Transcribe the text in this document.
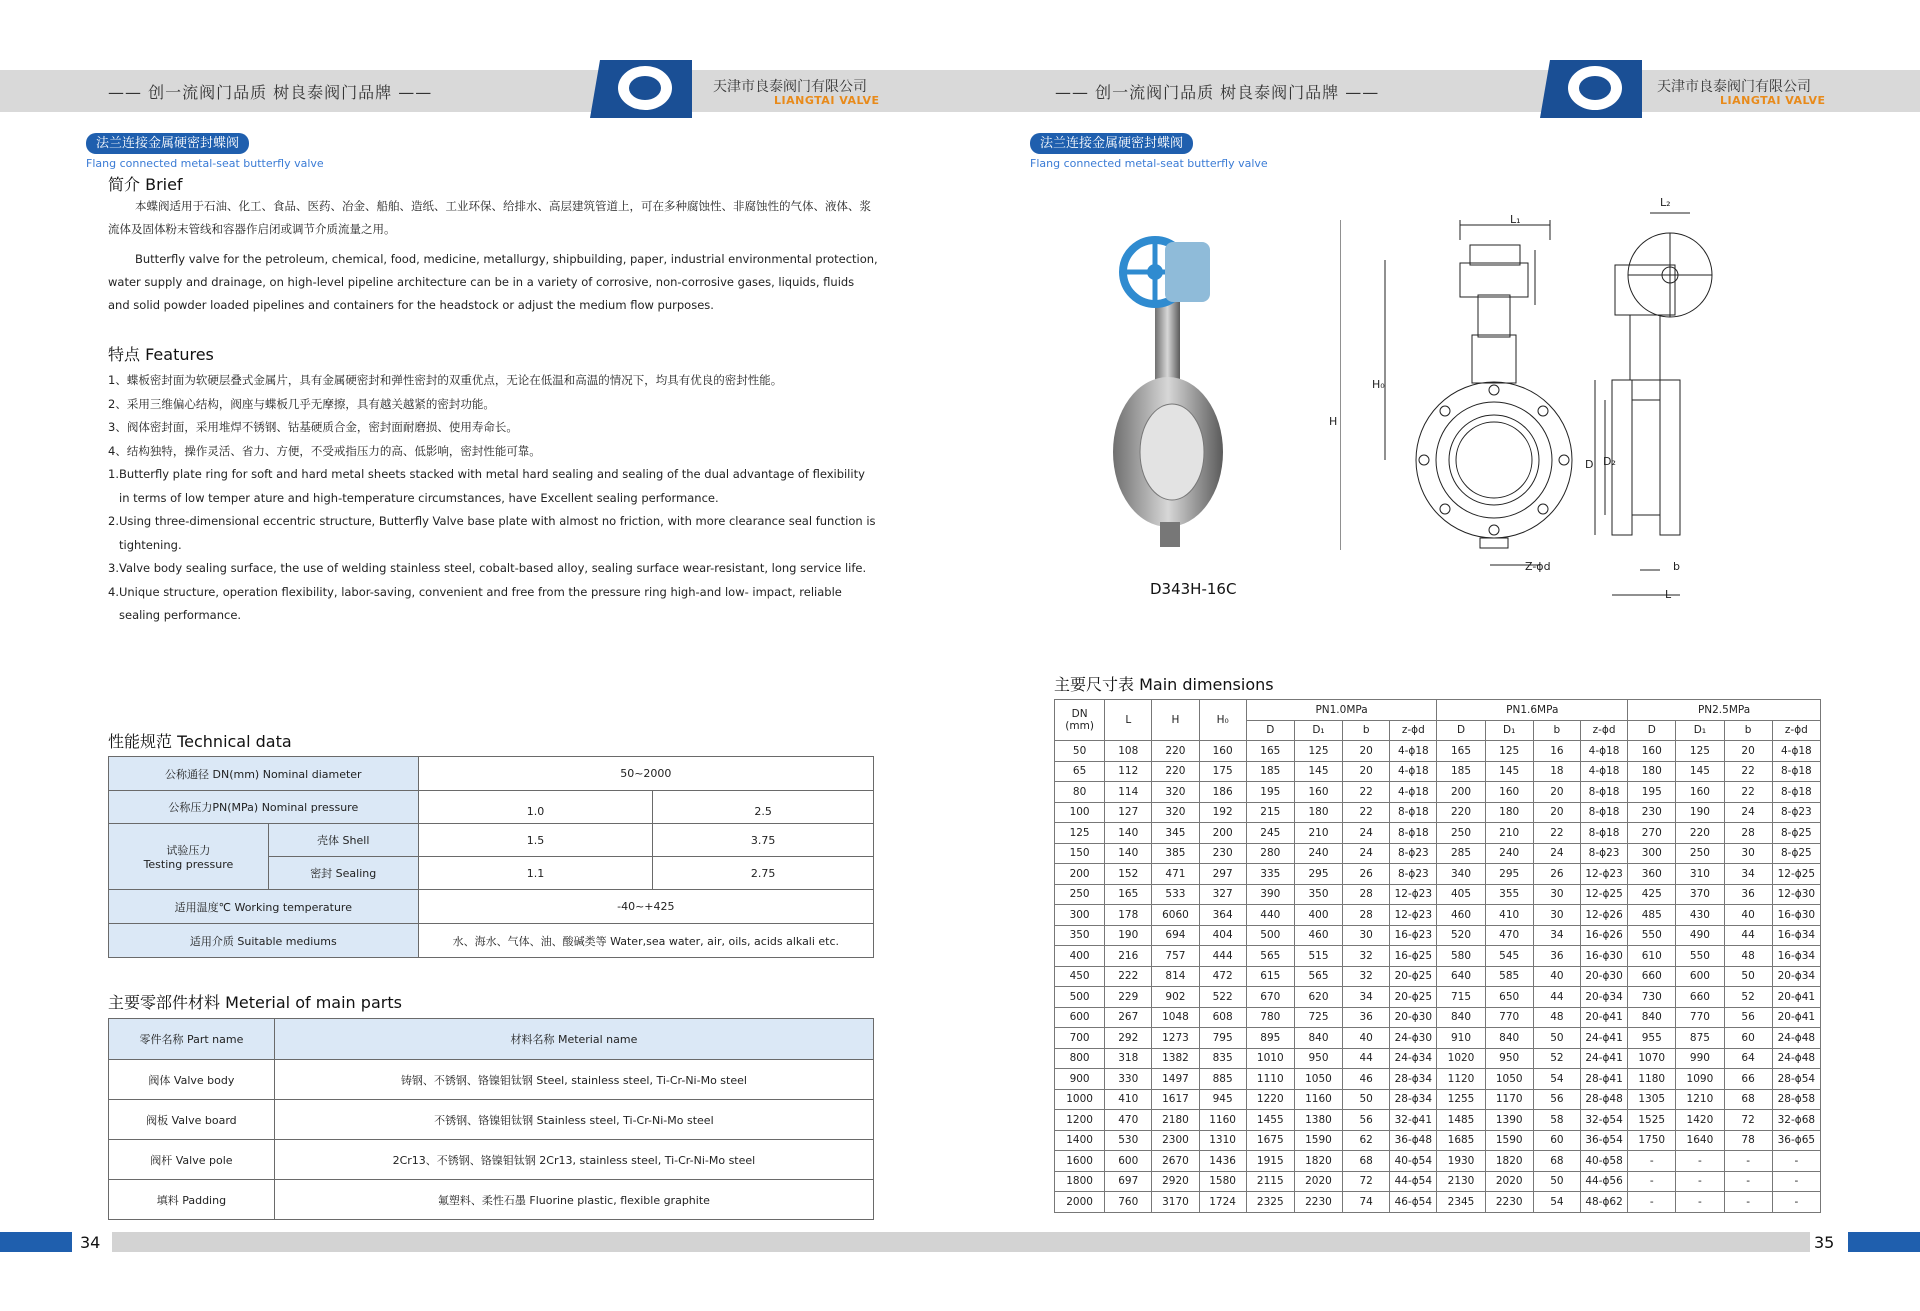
—— 创一流阀门品质 树良泰阀门品牌 ——	天津市良泰阀门有限公司
LIANGTAI VALVE
法兰连接金属硬密封蝶阀
Flang connected metal-seat butterfly valve
简介 Brief

本蝶阀适用于石油、化工、食品、医药、冶金、船舶、造纸、工业环保、给排水、高层建筑管道上，可在多种腐蚀性、非腐蚀性的气体、液体、浆流体及固体粉末管线和容器作启闭或调节介质流量之用。

Butterfly valve for the petroleum, chemical, food, medicine, metallurgy, shipbuilding, paper, industrial environmental protection, water supply and drainage, on high-level pipeline architecture can be in a variety of corrosive, non-corrosive gases, liquids, fluids and solid powder loaded pipelines and containers for the headstock or adjust the medium flow purposes.

特点 Features

1、蝶板密封面为软硬层叠式金属片，具有金属硬密封和弹性密封的双重优点，无论在低温和高温的情况下，均具有优良的密封性能。

2、采用三维偏心结构，阀座与蝶板几乎无摩擦，具有越关越紧的密封功能。

3、阀体密封面，采用堆焊不锈钢、钴基硬质合金，密封面耐磨损、使用寿命长。

4、结构独特，操作灵活、省力、方便，不受戒指压力的高、低影响，密封性能可靠。

1.Butterfly plate ring for soft and hard metal sheets stacked with metal hard sealing and sealing of the dual advantage of flexibility in terms of low temper ature and high-temperature circumstances, have Excellent sealing performance.

2.Using three-dimensional eccentric structure, Butterfly Valve base plate with almost no friction, with more clearance seal function is tightening.

3.Valve body sealing surface, the use of welding stainless steel, cobalt-based alloy, sealing surface wear-resistant, long service life.

4.Unique structure, operation flexibility, labor-saving, convenient and free from the pressure ring high-and low- impact, reliable sealing performance.

性能规范 Technical data
公称通径 DN(mm) Nominal diameter		50~2000	
公称压力PN(MPa) Nominal pressure		1.0	2.5

试验压力
Testing pressure	壳体 Shell	1.5	3.75
	密封 Sealing	1.1	2.75
适用温度℃ Working temperature		-40~+425	
适用介质 Suitable mediums		水、海水、气体、油、酸碱类等 Water,sea water, air, oils, acids alkali etc.	
主要零部件材料 Meterial of main parts
零件名称 Part name	材料名称 Meterial name
阀体 Valve body	铸钢、不锈钢、铬镍钼钛钢 Steel, stainless steel, Ti-Cr-Ni-Mo steel
阀板 Valve board	不锈钢、铬镍钼钛钢 Stainless steel, Ti-Cr-Ni-Mo steel
阀杆 Valve pole	2Cr13、不锈钢、铬镍钼钛钢 2Cr13, stainless steel, Ti-Cr-Ni-Mo steel
填料 Padding	氟塑料、柔性石墨 Fluorine plastic, flexible graphite
34
—— 创一流阀门品质 树良泰阀门品牌 ——	天津市良泰阀门有限公司
LIANGTAI VALVE
法兰连接金属硬密封蝶阀
Flang connected metal-seat butterfly valve
D343H-16C
L₁
L₂
H
H₀
D D₂
Z-ϕd	b
L
主要尺寸表 Main dimensions
DN
(mm)	L	H	H₀	PN1.0MPa				PN1.6MPa				PN2.5MPa			
				D	D₁	b	z-ϕd	D	D₁	b	z-ϕd	D	D₁	b	z-ϕd
50	108	220	160	165	125	20	4-ϕ18	165	125	16	4-ϕ18	160	125	20	4-ϕ18
65	112	220	175	185	145	20	4-ϕ18	185	145	18	4-ϕ18	180	145	22	8-ϕ18
80	114	320	186	195	160	22	4-ϕ18	200	160	20	8-ϕ18	195	160	22	8-ϕ18
100	127	320	192	215	180	22	8-ϕ18	220	180	20	8-ϕ18	230	190	24	8-ϕ23
125	140	345	200	245	210	24	8-ϕ18	250	210	22	8-ϕ18	270	220	28	8-ϕ25
150	140	385	230	280	240	24	8-ϕ23	285	240	24	8-ϕ23	300	250	30	8-ϕ25
200	152	471	297	335	295	26	8-ϕ23	340	295	26	12-ϕ23	360	310	34	12-ϕ25
250	165	533	327	390	350	28	12-ϕ23	405	355	30	12-ϕ25	425	370	36	12-ϕ30
300	178	6060	364	440	400	28	12-ϕ23	460	410	30	12-ϕ26	485	430	40	16-ϕ30
350	190	694	404	500	460	30	16-ϕ23	520	470	34	16-ϕ26	550	490	44	16-ϕ34
400	216	757	444	565	515	32	16-ϕ25	580	545	36	16-ϕ30	610	550	48	16-ϕ34
450	222	814	472	615	565	32	20-ϕ25	640	585	40	20-ϕ30	660	600	50	20-ϕ34
500	229	902	522	670	620	34	20-ϕ25	715	650	44	20-ϕ34	730	660	52	20-ϕ41
600	267	1048	608	780	725	36	20-ϕ30	840	770	48	20-ϕ41	840	770	56	20-ϕ41
700	292	1273	795	895	840	40	24-ϕ30	910	840	50	24-ϕ41	955	875	60	24-ϕ48
800	318	1382	835	1010	950	44	24-ϕ34	1020	950	52	24-ϕ41	1070	990	64	24-ϕ48
900	330	1497	885	1110	1050	46	28-ϕ34	1120	1050	54	28-ϕ41	1180	1090	66	28-ϕ54
1000	410	1617	945	1220	1160	50	28-ϕ34	1255	1170	56	28-ϕ48	1305	1210	68	28-ϕ58
1200	470	2180	1160	1455	1380	56	32-ϕ41	1485	1390	58	32-ϕ54	1525	1420	72	32-ϕ68
1400	530	2300	1310	1675	1590	62	36-ϕ48	1685	1590	60	36-ϕ54	1750	1640	78	36-ϕ65
1600	600	2670	1436	1915	1820	68	40-ϕ54	1930	1820	68	40-ϕ58	-	-	-	-
1800	697	2920	1580	2115	2020	72	44-ϕ54	2130	2020	50	44-ϕ56	-	-	-	-
2000	760	3170	1724	2325	2230	74	46-ϕ54	2345	2230	54	48-ϕ62	-	-	-	-
35
